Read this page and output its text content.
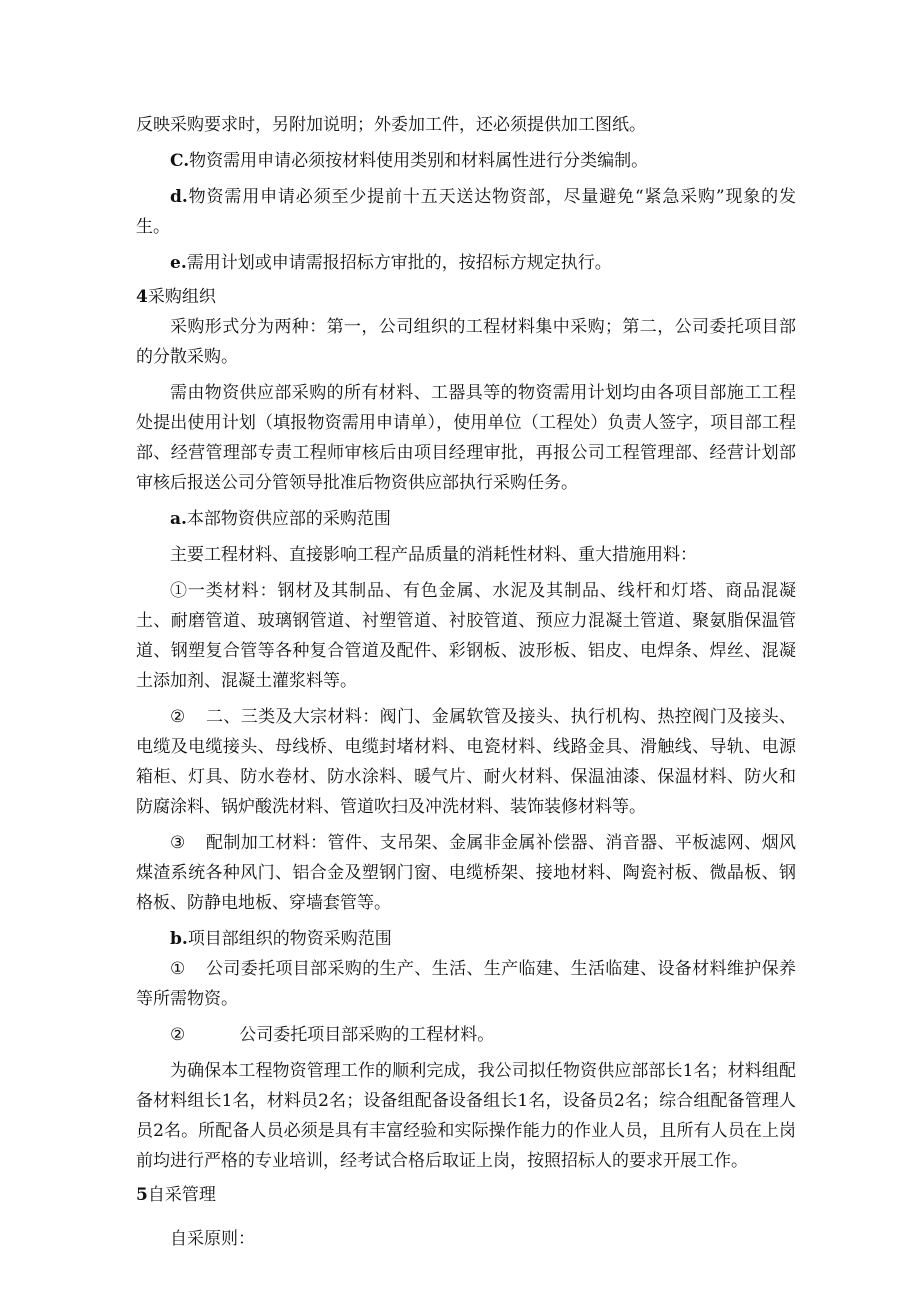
反映采购要求时，另附加说明；外委加工件，还必须提供加工图纸。

C.物资需用申请必须按材料使用类别和材料属性进行分类编制。

d.物资需用申请必须至少提前十五天送达物资部，尽量避免“紧急采购”现象的发生。

e.需用计划或申请需报招标方审批的，按招标方规定执行。

4采购组织

采购形式分为两种：第一，公司组织的工程材料集中采购；第二，公司委托项目部的分散采购。

需由物资供应部采购的所有材料、工器具等的物资需用计划均由各项目部施工工程处提出使用计划（填报物资需用申请单），使用单位（工程处）负责人签字，项目部工程部、经营管理部专责工程师审核后由项目经理审批，再报公司工程管理部、经营计划部审核后报送公司分管领导批准后物资供应部执行采购任务。

a.本部物资供应部的采购范围

主要工程材料、直接影响工程产品质量的消耗性材料、重大措施用料：

①一类材料：钢材及其制品、有色金属、水泥及其制品、线杆和灯塔、商品混凝土、耐磨管道、玻璃钢管道、衬塑管道、衬胶管道、预应力混凝土管道、聚氨脂保温管道、钢塑复合管等各种复合管道及配件、彩钢板、波形板、铝皮、电焊条、焊丝、混凝土添加剂、混凝土灌浆料等。

② 二、三类及大宗材料：阀门、金属软管及接头、执行机构、热控阀门及接头、电缆及电缆接头、母线桥、电缆封堵材料、电瓷材料、线路金具、滑触线、导轨、电源箱柜、灯具、防水卷材、防水涂料、暖气片、耐火材料、保温油漆、保温材料、防火和防腐涂料、锅炉酸洗材料、管道吹扫及冲洗材料、装饰装修材料等。

③ 配制加工材料：管件、支吊架、金属非金属补偿器、消音器、平板滤网、烟风煤渣系统各种风门、铝合金及塑钢门窗、电缆桥架、接地材料、陶瓷衬板、微晶板、钢格板、防静电地板、穿墙套管等。

b.项目部组织的物资采购范围

① 公司委托项目部采购的生产、生活、生产临建、生活临建、设备材料维护保养等所需物资。

②	公司委托项目部采购的工程材料。

为确保本工程物资管理工作的顺利完成，我公司拟任物资供应部部长1名；材料组配备材料组长1名，材料员2名；设备组配备设备组长1名，设备员2名；综合组配备管理人员2名。所配备人员必须是具有丰富经验和实际操作能力的作业人员，且所有人员在上岗前均进行严格的专业培训，经考试合格后取证上岗，按照招标人的要求开展工作。

5自采管理

自采原则：
